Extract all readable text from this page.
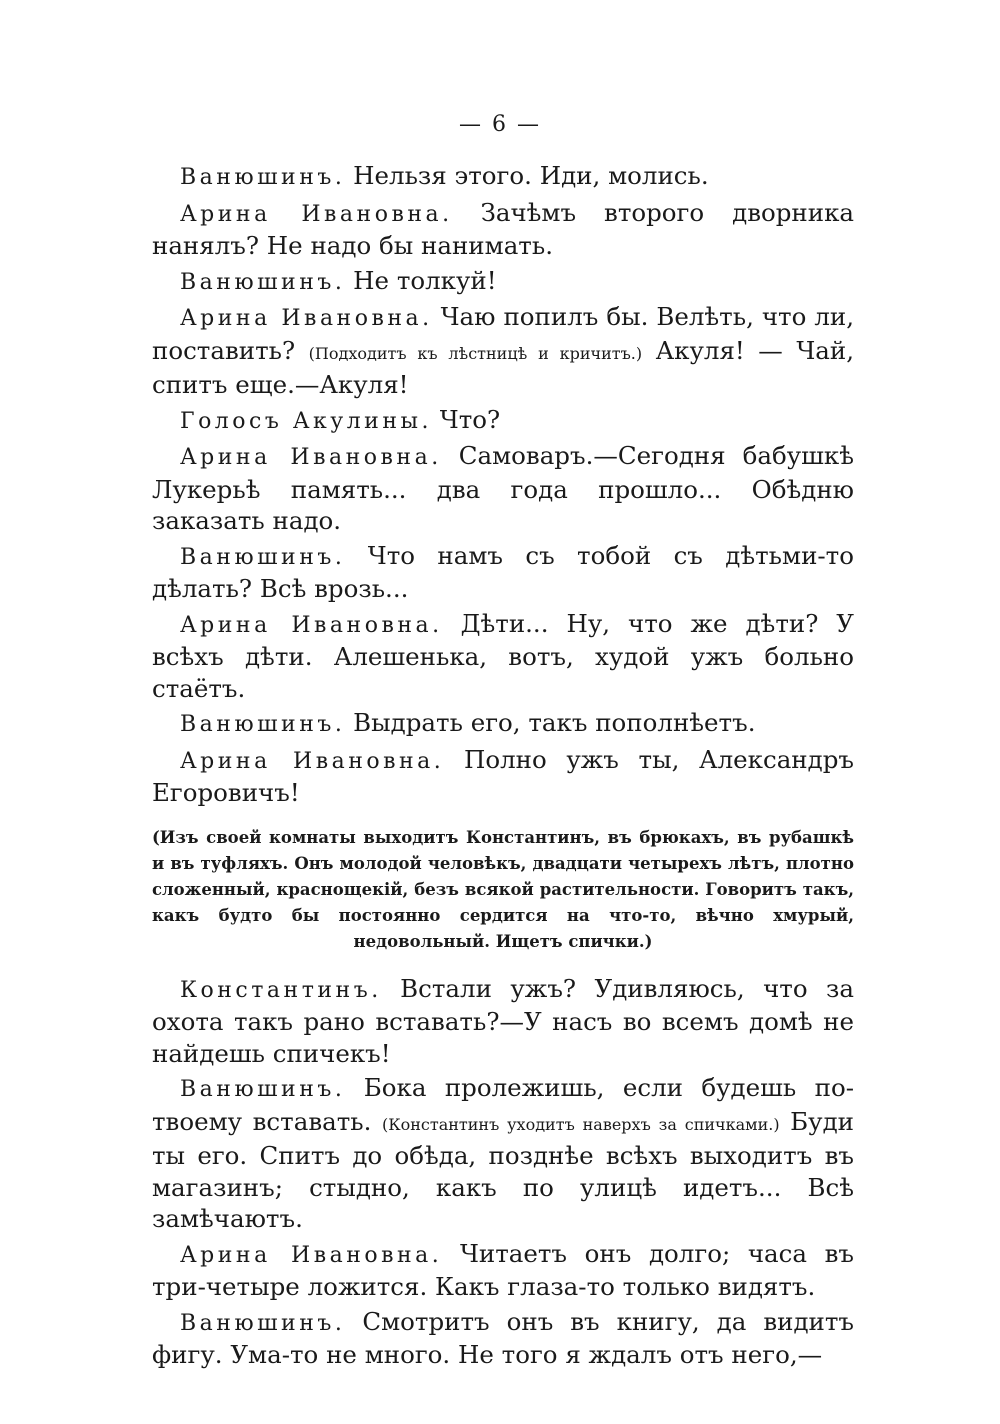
— 6 —

Ванюшинъ. Нельзя этого. Иди, молись.

Арина Ивановна. Зачѣмъ второго дворника нанялъ? Не надо бы нанимать.

Ванюшинъ. Не толкуй!

Арина Ивановна. Чаю попилъ бы. Велѣть, что ли, поставить? (Подходитъ къ лѣстницѣ и кричитъ.) Акуля! — Чай, спитъ еще.—Акуля!

Голосъ Акулины. Что?

Арина Ивановна. Самоваръ.—Сегодня бабушкѣ Лукерьѣ память... два года прошло... Обѣдню заказать надо.

Ванюшинъ. Что намъ съ тобой съ дѣтьми-то дѣлать? Всѣ врозь...

Арина Ивановна. Дѣти... Ну, что же дѣти? У всѣхъ дѣти. Алешенька, вотъ, худой ужъ больно стаётъ.

Ванюшинъ. Выдрать его, такъ пополнѣетъ.

Арина Ивановна. Полно ужъ ты, Александръ Егоровичъ!

(Изъ своей комнаты выходитъ Константинъ, въ брюкахъ, въ рубашкѣ и въ туфляхъ. Онъ молодой человѣкъ, двадцати четырехъ лѣтъ, плотно сложенный, краснощекій, безъ всякой растительности. Говоритъ такъ, какъ будто бы постоянно сердится на что-то, вѣчно хмурый, недовольный. Ищетъ спички.)

Константинъ. Встали ужъ? Удивляюсь, что за охота такъ рано вставать?—У насъ во всемъ домѣ не найдешь спичекъ!

Ванюшинъ. Бока пролежишь, если будешь по-твоему вставать. (Константинъ уходитъ наверхъ за спичками.) Буди ты его. Спитъ до обѣда, позднѣе всѣхъ выходитъ въ магазинъ; стыдно, какъ по улицѣ идетъ... Всѣ замѣчаютъ.

Арина Ивановна. Читаетъ онъ долго; часа въ три-четыре ложится. Какъ глаза-то только видятъ.

Ванюшинъ. Смотритъ онъ въ книгу, да видитъ фигу. Ума-то не много. Не того я ждалъ отъ него,—
